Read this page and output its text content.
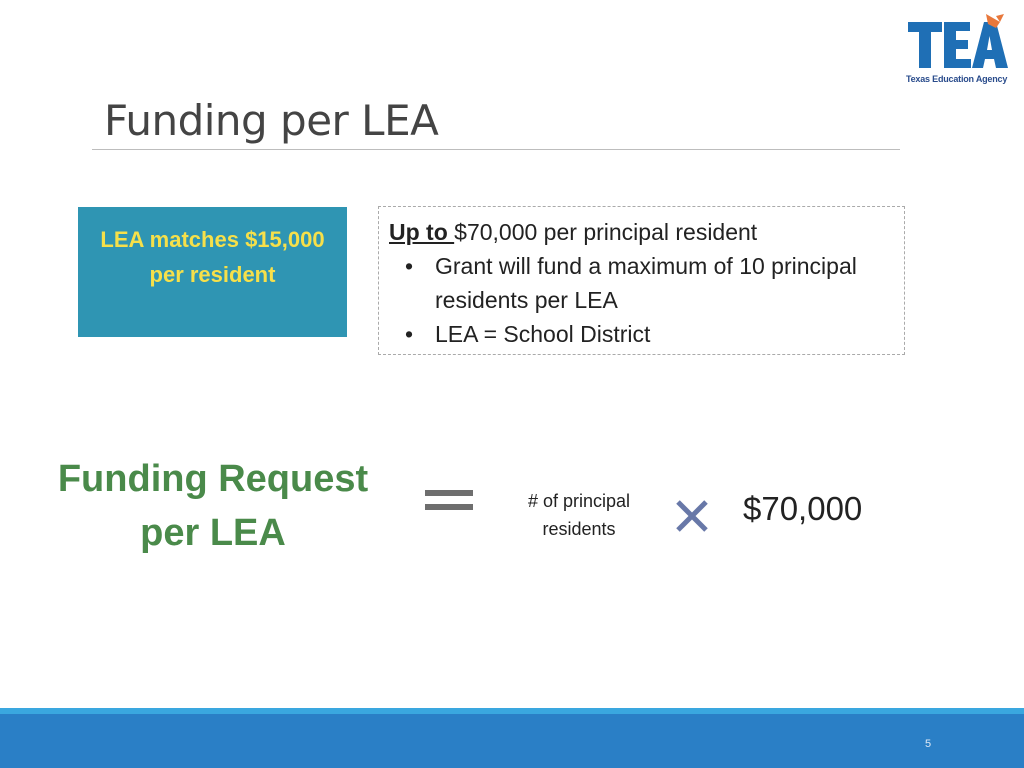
Funding per LEA
Texas Education Agency
LEA matches $15,000
per resident
Up to $70,000 per principal resident
• Grant will fund a maximum of 10 principal residents per LEA
• LEA = School District
Funding Request
per LEA
# of principal
residents
$70,000
5
